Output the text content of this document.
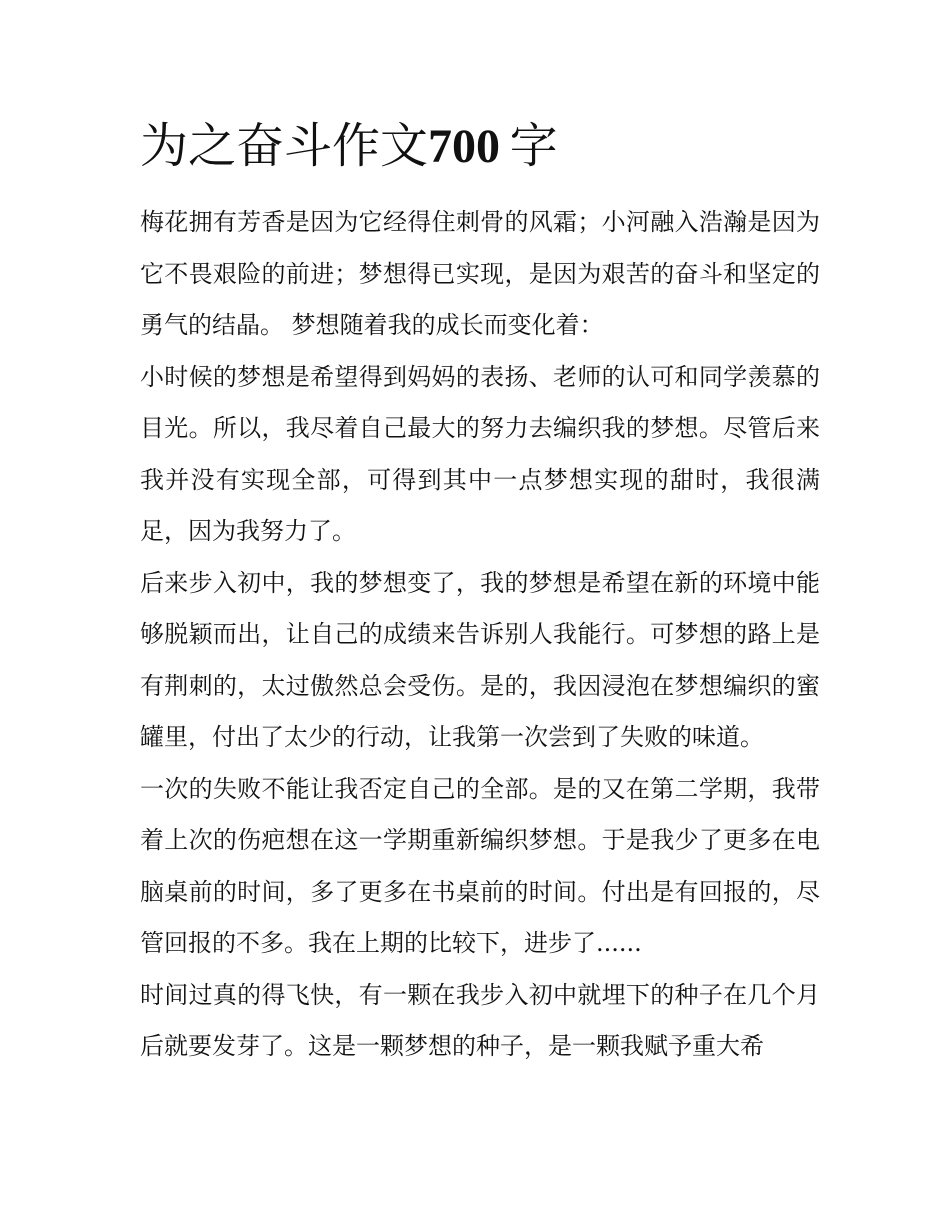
为之奋斗作文700  字

梅花拥有芳香是因为它经得住刺骨的风霜；小河融入浩瀚是因为它不畏艰险的前进；梦想得已实现，是因为艰苦的奋斗和坚定的勇气的结晶。 梦想随着我的成长而变化着：

小时候的梦想是希望得到妈妈的表扬、老师的认可和同学羡慕的目光。所以，我尽着自己最大的努力去编织我的梦想。尽管后来我并没有实现全部，可得到其中一点梦想实现的甜时，我很满足，因为我努力了。

后来步入初中，我的梦想变了，我的梦想是希望在新的环境中能够脱颖而出，让自己的成绩来告诉别人我能行。可梦想的路上是有荆刺的，太过傲然总会受伤。是的，我因浸泡在梦想编织的蜜罐里，付出了太少的行动，让我第一次尝到了失败的味道。

一次的失败不能让我否定自己的全部。是的又在第二学期，我带着上次的伤疤想在这一学期重新编织梦想。于是我少了更多在电脑桌前的时间，多了更多在书桌前的时间。付出是有回报的，尽管回报的不多。我在上期的比较下，进步了......

时间过真的得飞快，有一颗在我步入初中就埋下的种子在几个月后就要发芽了。这是一颗梦想的种子，是一颗我赋予重大希
